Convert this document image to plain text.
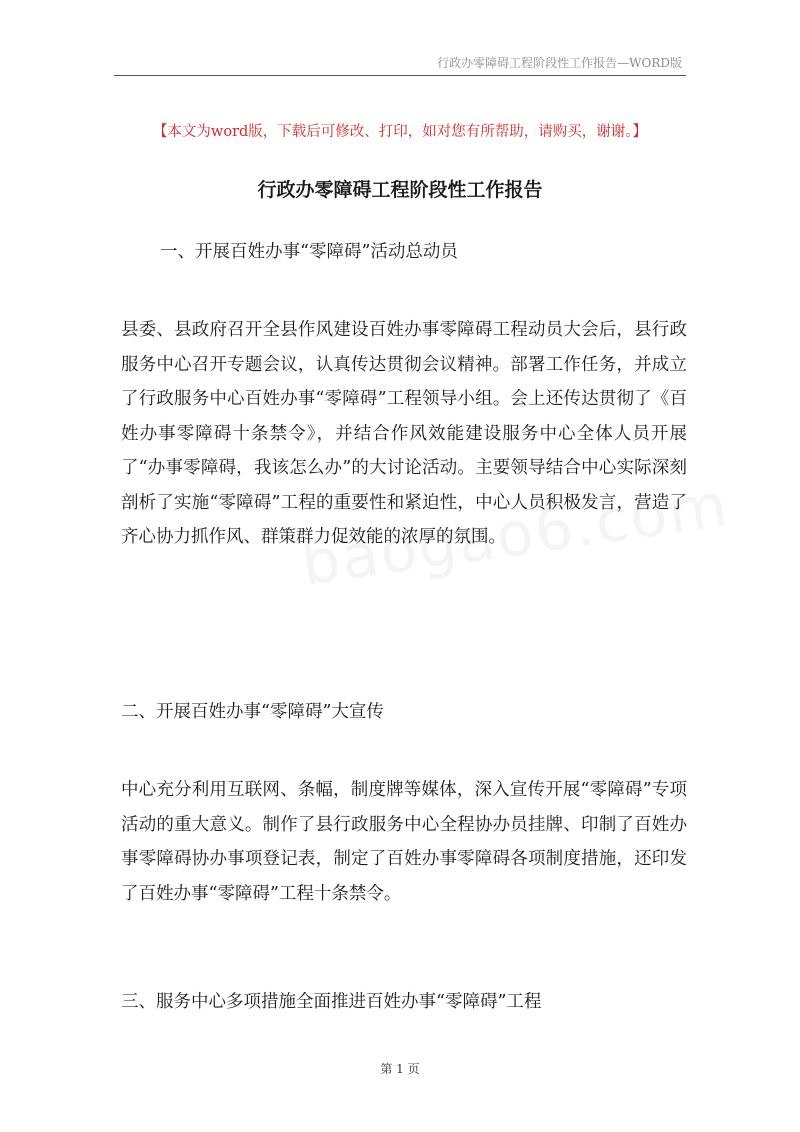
行政办零障碍工程阶段性工作报告—WORD版
【本文为word版，下载后可修改、打印，如对您有所帮助，请购买，谢谢。】
行政办零障碍工程阶段性工作报告

一、开展百姓办事“零障碍”活动总动员

县委、县政府召开全县作风建设百姓办事零障碍工程动员大会后，县行政服务中心召开专题会议，认真传达贯彻会议精神。部署工作任务，并成立了行政服务中心百姓办事“零障碍”工程领导小组。会上还传达贯彻了《百姓办事零障碍十条禁令》，并结合作风效能建设服务中心全体人员开展了“办事零障碍，我该怎么办”的大讨论活动。主要领导结合中心实际深刻剖析了实施“零障碍”工程的重要性和紧迫性，中心人员积极发言，营造了齐心协力抓作风、群策群力促效能的浓厚的氛围。

二、开展百姓办事“零障碍”大宣传

中心充分利用互联网、条幅，制度牌等媒体，深入宣传开展“零障碍”专项活动的重大意义。制作了县行政服务中心全程协办员挂牌、印制了百姓办事零障碍协办事项登记表，制定了百姓办事零障碍各项制度措施，还印发了百姓办事“零障碍”工程十条禁令。

三、服务中心多项措施全面推进百姓办事“零障碍”工程

第 1 页
